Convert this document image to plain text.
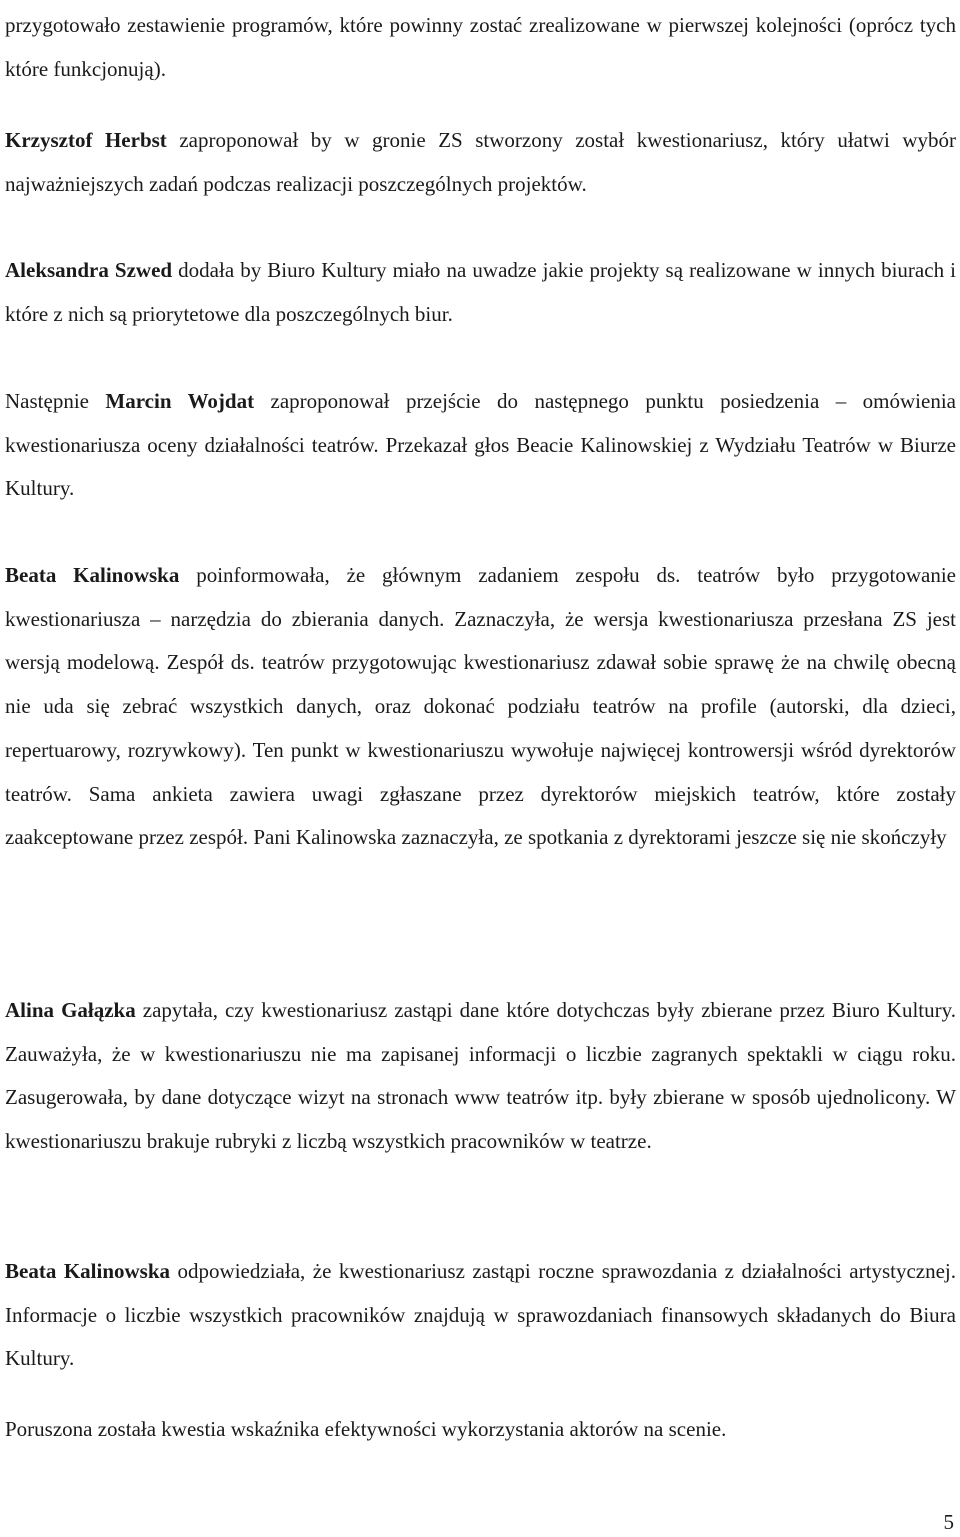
przygotowało zestawienie programów, które powinny zostać zrealizowane w pierwszej kolejności (oprócz tych które funkcjonują).

Krzysztof Herbst zaproponował by w gronie ZS stworzony został kwestionariusz, który ułatwi wybór najważniejszych zadań podczas realizacji poszczególnych projektów.

Aleksandra Szwed dodała by Biuro Kultury miało na uwadze jakie projekty są realizowane w innych biurach i które z nich są priorytetowe dla poszczególnych biur.

Następnie Marcin Wojdat zaproponował przejście do następnego punktu posiedzenia – omówienia kwestionariusza oceny działalności teatrów. Przekazał głos Beacie Kalinowskiej z Wydziału Teatrów w Biurze Kultury.

Beata Kalinowska poinformowała, że głównym zadaniem zespołu ds. teatrów było przygotowanie kwestionariusza – narzędzia do zbierania danych. Zaznaczyła, że wersja kwestionariusza przesłana ZS jest wersją modelową. Zespół ds. teatrów przygotowując kwestionariusz zdawał sobie sprawę że na chwilę obecną nie uda się zebrać wszystkich danych, oraz dokonać podziału teatrów na profile (autorski, dla dzieci, repertuarowy, rozrywkowy). Ten punkt w kwestionariuszu wywołuje najwięcej kontrowersji wśród dyrektorów teatrów. Sama ankieta zawiera uwagi zgłaszane przez dyrektorów miejskich teatrów, które zostały zaakceptowane przez zespół. Pani Kalinowska zaznaczyła, ze spotkania z dyrektorami jeszcze się nie skończyły

Alina Gałązka zapytała, czy kwestionariusz zastąpi dane które dotychczas były zbierane przez Biuro Kultury. Zauważyła, że w kwestionariuszu nie ma zapisanej informacji o liczbie zagranych spektakli w ciągu roku. Zasugerowała, by dane dotyczące wizyt na stronach www teatrów itp. były zbierane w sposób ujednolicony. W kwestionariuszu brakuje rubryki z liczbą wszystkich pracowników w teatrze.

Beata Kalinowska odpowiedziała, że kwestionariusz zastąpi roczne sprawozdania z działalności artystycznej. Informacje o liczbie wszystkich pracowników znajdują w sprawozdaniach finansowych składanych do Biura Kultury.

Poruszona została kwestia wskaźnika efektywności wykorzystania aktorów na scenie.

5
